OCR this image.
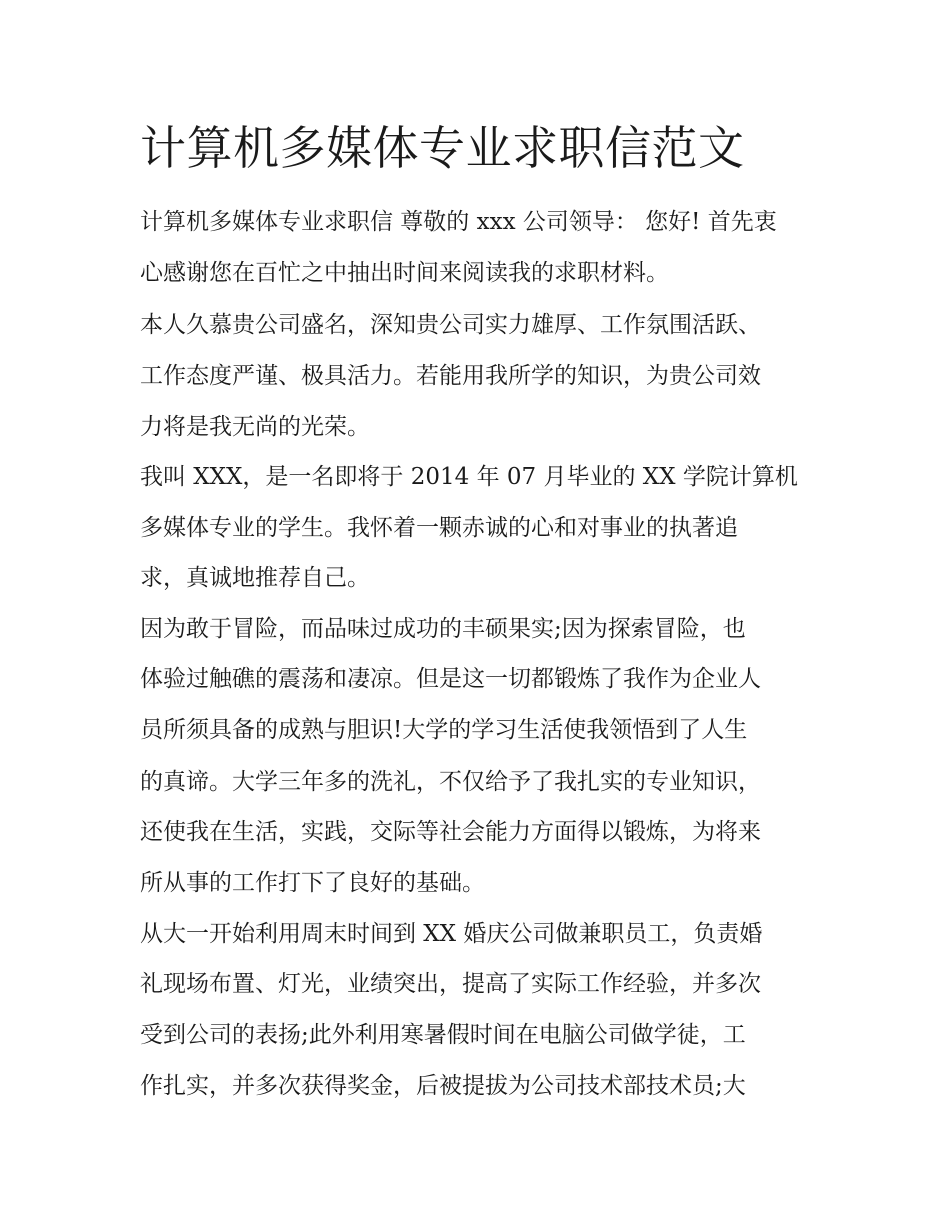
计算机多媒体专业求职信范文

计算机多媒体专业求职信 尊敬的 xxx 公司领导： 您好! 首先衷

心感谢您在百忙之中抽出时间来阅读我的求职材料。

本人久慕贵公司盛名，深知贵公司实力雄厚、工作氛围活跃、

工作态度严谨、极具活力。若能用我所学的知识，为贵公司效

力将是我无尚的光荣。

我叫 XXX，是一名即将于 2014 年 07 月毕业的 XX 学院计算机

多媒体专业的学生。我怀着一颗赤诚的心和对事业的执著追

求，真诚地推荐自己。

因为敢于冒险，而品味过成功的丰硕果实;因为探索冒险，也

体验过触礁的震荡和凄凉。但是这一切都锻炼了我作为企业人

员所须具备的成熟与胆识!大学的学习生活使我领悟到了人生

的真谛。大学三年多的洗礼，不仅给予了我扎实的专业知识，

还使我在生活，实践，交际等社会能力方面得以锻炼，为将来

所从事的工作打下了良好的基础。

从大一开始利用周末时间到 XX 婚庆公司做兼职员工，负责婚

礼现场布置、灯光，业绩突出，提高了实际工作经验，并多次

受到公司的表扬;此外利用寒暑假时间在电脑公司做学徒，工

作扎实，并多次获得奖金，后被提拔为公司技术部技术员;大
